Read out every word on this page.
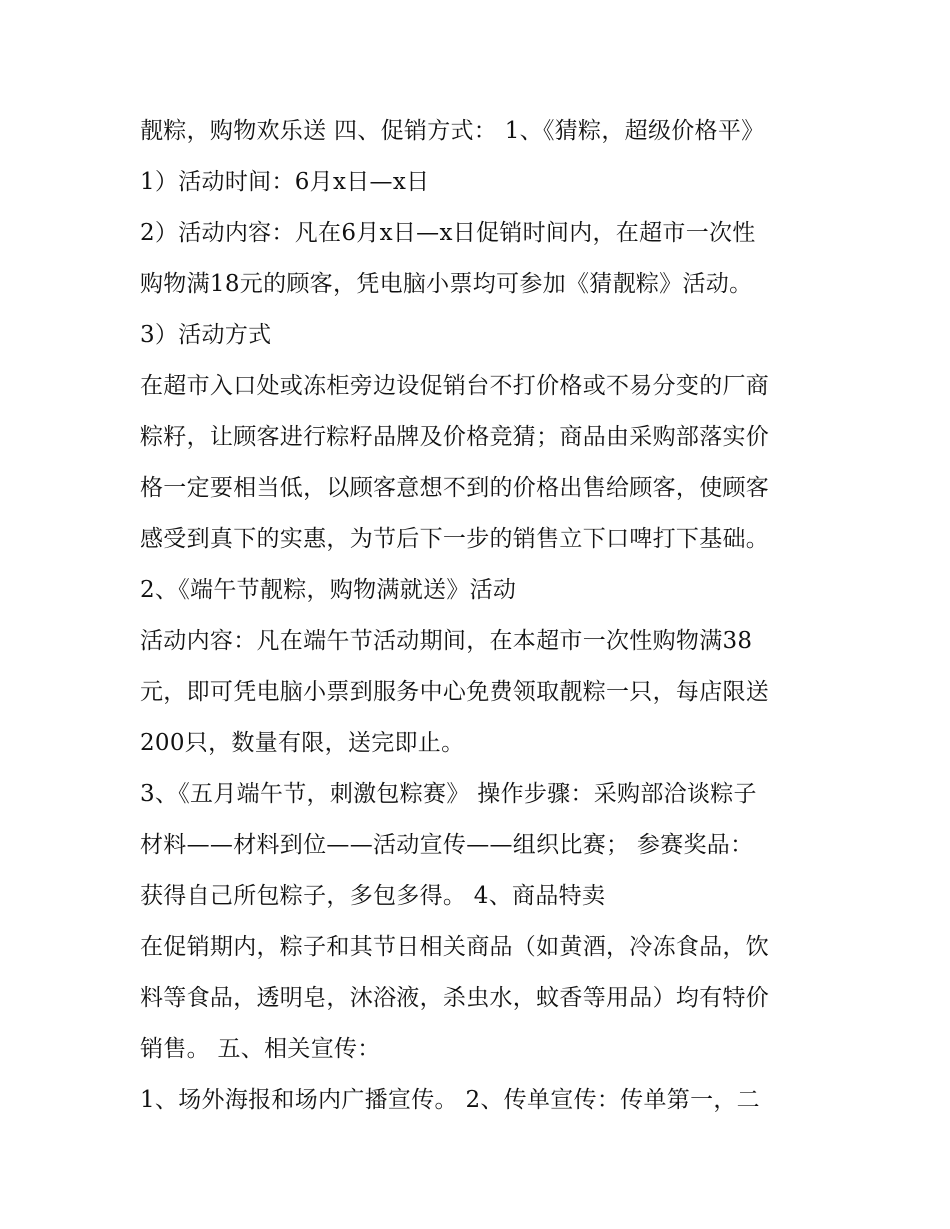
靓粽，购物欢乐送 四、促销方式： 1、《猜粽，超级价格平》
1）活动时间：6月x日—x日
2）活动内容：凡在6月x日—x日促销时间内，在超市一次性
购物满18元的顾客，凭电脑小票均可参加《猜靓粽》活动。
3）活动方式
在超市入口处或冻柜旁边设促销台不打价格或不易分变的厂商
粽籽，让顾客进行粽籽品牌及价格竞猜；商品由采购部落实价
格一定要相当低，以顾客意想不到的价格出售给顾客，使顾客
感受到真下的实惠，为节后下一步的销售立下口啤打下基础。
2、《端午节靓粽，购物满就送》活动
活动内容：凡在端午节活动期间，在本超市一次性购物满38
元，即可凭电脑小票到服务中心免费领取靓粽一只，每店限送
200只，数量有限，送完即止。
3、《五月端午节，刺激包粽赛》 操作步骤：采购部洽谈粽子
材料——材料到位——活动宣传——组织比赛； 参赛奖品：
获得自己所包粽子，多包多得。 4、商品特卖
在促销期内，粽子和其节日相关商品（如黄酒，冷冻食品，饮
料等食品，透明皂，沐浴液，杀虫水，蚊香等用品）均有特价
销售。 五、相关宣传：
1、场外海报和场内广播宣传。 2、传单宣传：传单第一，二
